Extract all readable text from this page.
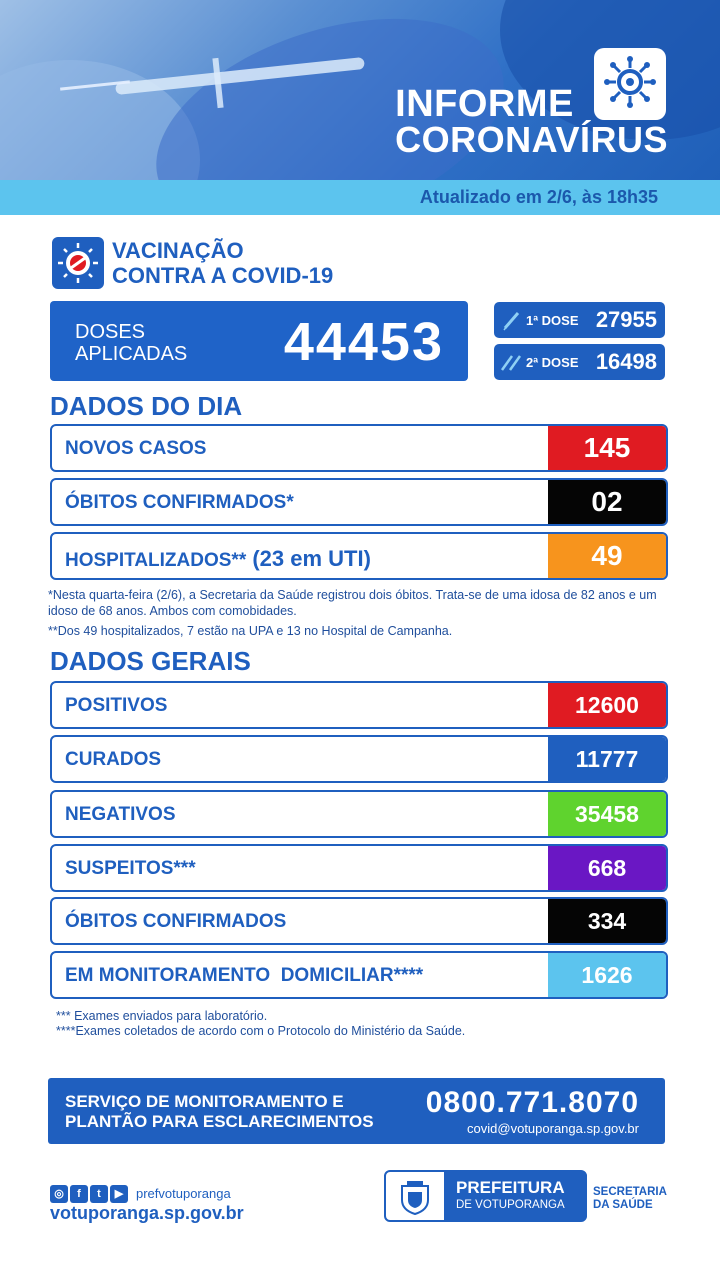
INFORME
CORONAVÍRUS
Atualizado em 2/6, às 18h35
VACINAÇÃO
CONTRA A COVID-19
DOSES
APLICADAS 44453	1ª DOSE 27955
2ª DOSE 16498
DADOS DO DIA
NOVOS CASOS	145
ÓBITOS CONFIRMADOS*	02
HOSPITALIZADOS** (23 em UTI)	49
*Nesta quarta-feira (2/6), a Secretaria da Saúde registrou dois óbitos. Trata-se de uma idosa de 82 anos e um idoso de 68 anos. Ambos com comobidades.
**Dos 49 hospitalizados, 7 estão na UPA e 13 no Hospital de Campanha.
DADOS GERAIS
POSITIVOS	12600
CURADOS	11777
NEGATIVOS	35458
SUSPEITOS***	668
ÓBITOS CONFIRMADOS	334
EM MONITORAMENTO  DOMICILIAR****	1626
*** Exames enviados para laboratório.
****Exames coletados de acordo com o Protocolo do Ministério da Saúde.
SERVIÇO DE MONITORAMENTO E
PLANTÃO PARA ESCLARECIMENTOS
0800.771.8070
covid@votuporanga.sp.gov.br
◎ f t ▶ prefvotuporanga
votuporanga.sp.gov.br
PREFEITURA
DE VOTUPORANGA
SECRETARIA
DA SAÚDE
